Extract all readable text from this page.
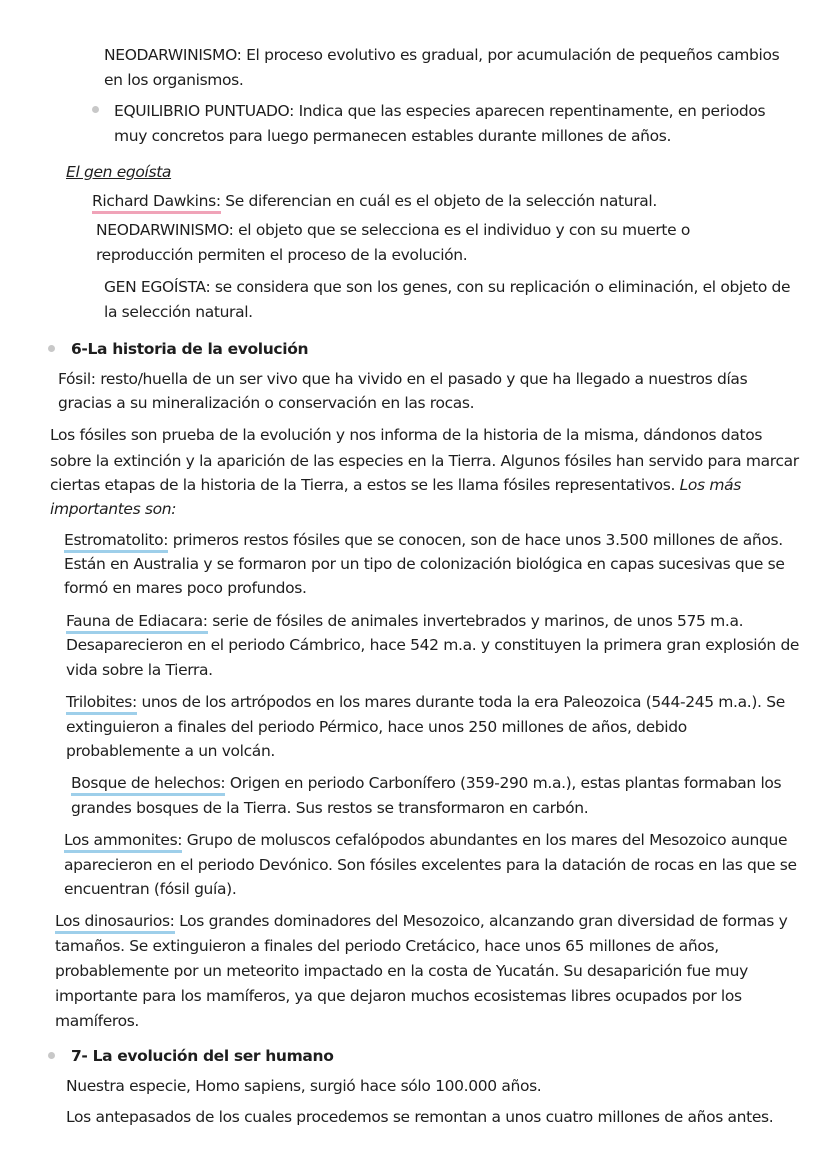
NEODARWINISMO: El proceso evolutivo es gradual, por acumulación de pequeños cambios
en los organismos.
EQUILIBRIO PUNTUADO: Indica que las especies aparecen repentinamente, en periodos
muy concretos para luego permanecen estables durante millones de años.
El gen egoísta
Richard Dawkins: Se diferencian en cuál es el objeto de la selección natural.
NEODARWINISMO: el objeto que se selecciona es el individuo y con su muerte o
reproducción permiten el proceso de la evolución.
GEN EGOÍSTA: se considera que son los genes, con su replicación o eliminación, el objeto de
la selección natural.
6-La historia de la evolución
Fósil: resto/huella de un ser vivo que ha vivido en el pasado y que ha llegado a nuestros días
gracias a su mineralización o conservación en las rocas.
Los fósiles son prueba de la evolución y nos informa de la historia de la misma, dándonos datos
sobre la extinción y la aparición de las especies en la Tierra. Algunos fósiles han servido para marcar
ciertas etapas de la historia de la Tierra, a estos se les llama fósiles representativos. Los más
importantes son:
Estromatolito: primeros restos fósiles que se conocen, son de hace unos 3.500 millones de años.
Están en Australia y se formaron por un tipo de colonización biológica en capas sucesivas que se
formó en mares poco profundos.
Fauna de Ediacara: serie de fósiles de animales invertebrados y marinos, de unos 575 m.a.
Desaparecieron en el periodo Cámbrico, hace 542 m.a. y constituyen la primera gran explosión de
vida sobre la Tierra.
Trilobites: unos de los artrópodos en los mares durante toda la era Paleozoica (544-245 m.a.). Se
extinguieron a finales del periodo Pérmico, hace unos 250 millones de años, debido
probablemente a un volcán.
Bosque de helechos: Origen en periodo Carbonífero (359-290 m.a.), estas plantas formaban los
grandes bosques de la Tierra. Sus restos se transformaron en carbón.
Los ammonites: Grupo de moluscos cefalópodos abundantes en los mares del Mesozoico aunque
aparecieron en el periodo Devónico. Son fósiles excelentes para la datación de rocas en las que se
encuentran (fósil guía).
Los dinosaurios: Los grandes dominadores del Mesozoico, alcanzando gran diversidad de formas y
tamaños. Se extinguieron a finales del periodo Cretácico, hace unos 65 millones de años,
probablemente por un meteorito impactado en la costa de Yucatán. Su desaparición fue muy
importante para los mamíferos, ya que dejaron muchos ecosistemas libres ocupados por los
mamíferos.
7- La evolución del ser humano
Nuestra especie, Homo sapiens, surgió hace sólo 100.000 años.
Los antepasados de los cuales procedemos se remontan a unos cuatro millones de años antes.
